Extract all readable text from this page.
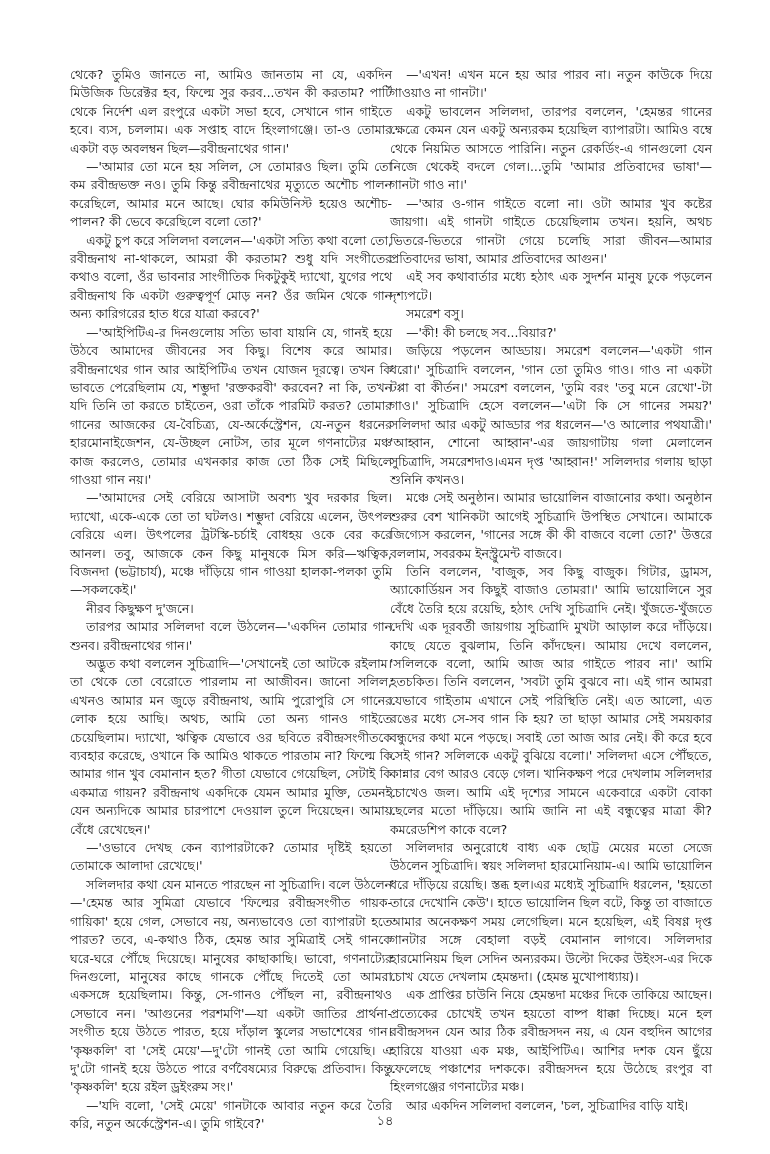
থেকে? তুমিও জানতে না, আমিও জানতাম না যে, একদিন মিউজিক ডিরেক্টর হব, ফিল্মে সুর করব...তখন কী করতাম? পার্টি থেকে নির্দেশ এল রংপুরে একটা সভা হবে, সেখানে গান গাইতে হবে। ব্যস, চললাম। এক সপ্তাহ বাদে হিংলাগঞ্জে। তা-ও তোমার একটা বড় অবলম্বন ছিল—রবীন্দ্রনাথের গান।'

—'আমার তো মনে হয় সলিল, সে তোমারও ছিল। তুমি তো কম রবীন্দ্রভক্ত নও। তুমি কিন্তু রবীন্দ্রনাথের মৃত্যুতে অশৌচ পালন করেছিলে, আমার মনে আছে। ঘোর কমিউনিস্ট হয়েও অশৌচ-পালন? কী ভেবে করেছিলে বলো তো?'

একটু চুপ করে সলিলদা বললেন—'একটা সত্যি কথা বলো তো, রবীন্দ্রনাথ না-থাকলে, আমরা কী করতাম? শুধু যদি সংগীতের কথাও বলো, ওঁর ভাবনার সাংগীতিক দিকটুকুই দ্যাখো, যুগের পথে রবীন্দ্রনাথ কি একটা গুরুত্বপূর্ণ মোড় নন? ওঁর জমিন থেকে গান অন্য কারিগরের হাত ধরে যাত্রা করবে?'

—'আইপিটিএ-র দিনগুলোয় সত্যি ভাবা যায়নি যে, গানই হয়ে উঠবে আমাদের জীবনের সব কিছু। বিশেষ করে আমার। রবীন্দ্রনাথের গান আর আইপিটিএ তখন যোজন দূরত্বে। তখন কি ভাবতে পেরেছিলাম যে, শম্ভুদা 'রক্তকরবী' করবেন? না কি, তখন যদি তিনি তা করতে চাইতেন, ওরা তাঁকে পারমিট করত? তোমার গানের আজকের যে-বৈচিত্র্য, যে-অর্কেস্ট্রেশন, যে-নতুন ধরনের হারমোনাইজেশন, যে-উচ্ছল নোটস, তার মূলে গণনাট্যের মঞ্চ কাজ করলেও, তোমার এখনকার কাজ তো ঠিক সেই মিছিলে গাওয়া গান নয়।'

—'আমাদের সেই বেরিয়ে আসাটা অবশ্য খুব দরকার ছিল। দ্যাখো, একে-একে তো তা ঘটলও। শম্ভুদা বেরিয়ে এলেন, উৎপল বেরিয়ে এল। উৎপলের ট্রটস্কি-চর্চাই বোধহয় ওকে বের করে আনল। তবু, আজকে কেন কিছু মানুষকে মিস করি—ঋত্বিক, বিজনদা (ভট্টাচার্য), মঞ্চে দাঁড়িয়ে গান গাওয়া হালকা-পলকা তুমি—সকলকেই।'

নীরব কিছুক্ষণ দু'জনে।

তারপর আমার সলিলদা বলে উঠলেন—'একদিন তোমার গান শুনব। রবীন্দ্রনাথের গান।'

অদ্ভুত কথা বললেন সুচিত্রাদি—'সেখানেই তো আটকে রইলাম। তা থেকে তো বেরোতে পারলাম না আজীবন। জানো সলিল, এখনও আমার মন জুড়ে রবীন্দ্রনাথ, আমি পুরোপুরি সে গানের লোক হয়ে আছি। অথচ, আমি তো অন্য গানও গাইতে চেয়েছিলাম। দ্যাখো, ঋত্বিক যেভাবে ওর ছবিতে রবীন্দ্রসংগীতকে ব্যবহার করেছে, ওখানে কি আমিও থাকতে পারতাম না? ফিল্মে কি আমার গান খুব বেমানান হত? গীতা যেভাবে গেয়েছিল, সেটাই কি একমাত্র গায়ন? রবীন্দ্রনাথ একদিকে যেমন আমার মুক্তি, তেমনই যেন অন্যদিকে আমার চারপাশে দেওয়াল তুলে দিয়েছেন। আমায় বেঁধে রেখেছেন।'

—'ওভাবে দেখছ কেন ব্যাপারটাকে? তোমার দৃষ্টিই হয়তো তোমাকে আলাদা রেখেছে।'

সলিলদার কথা যেন মানতে পারছেন না সুচিত্রাদি। বলে উঠলেন—'হেমন্ত আর সুমিত্রা যেভাবে 'ফিল্মের রবীন্দ্রসংগীত গায়ক-গায়িকা' হয়ে গেল, সেভাবে নয়, অন্যভাবেও তো ব্যাপারটা হতে পারত? তবে, এ-কথাও ঠিক, হেমন্ত আর সুমিত্রাই সেই গানকে ঘরে-ঘরে পৌঁছে দিয়েছে। মানুষের কাছাকাছি। ভাবো, গণনাট্যের দিনগুলো, মানুষের কাছে গানকে পৌঁছে দিতেই তো আমরা একসঙ্গে হয়েছিলাম। কিন্তু, সে-গানও পৌঁছল না, রবীন্দ্রনাথও সেভাবে নন। 'আগুনের পরশমণি'—যা একটা জাতির প্রার্থনা-সংগীত হয়ে উঠতে পারত, হয়ে দাঁড়াল স্কুলের সভাশেষের গান। 'কৃষ্ণকলি' বা 'সেই মেয়ে'—দু'টো গানই তো আমি গেয়েছি। এ দু'টো গানই হয়ে উঠতে পারে বর্ণবৈষম্যের বিরুদ্ধে প্রতিবাদ। কিন্তু 'কৃষ্ণকলি' হয়ে রইল ড্রইংরুম সং।'

—'যদি বলো, 'সেই মেয়ে' গানটাকে আবার নতুন করে তৈরি করি, নতুন অর্কেস্ট্রেশন-এ। তুমি গাইবে?'

—'এখন! এখন মনে হয় আর পারব না। নতুন কাউকে দিয়ে গাওয়াও না গানটা।'

একটু ভাবলেন সলিলদা, তারপর বললেন, 'হেমন্তর গানের ক্ষেত্রে কেমন যেন একটু অন্যরকম হয়েছিল ব্যাপারটা। আমিও বম্বে থেকে নিয়মিত আসতে পারিনি। নতুন রেকর্ডিং-এ গানগুলো যেন নিজে থেকেই বদলে গেল।...তুমি 'আমার প্রতিবাদের ভাষা'—গানটা গাও না।'

—'আর ও-গান গাইতে বলো না। ওটা আমার খুব কষ্টের জায়গা। এই গানটা গাইতে চেয়েছিলাম তখন। হয়নি, অথচ ভিতরে-ভিতরে গানটা গেয়ে চলেছি সারা জীবন—আমার প্রতিবাদের ভাষা, আমার প্রতিবাদের আগুন।'

এই সব কথাবার্তার মধ্যে হঠাৎ এক সুদর্শন মানুষ ঢুকে পড়লেন দৃশ্যপটে।

সমরেশ বসু।

—'কী! কী চলছে সব...বিয়ার?'

জড়িয়ে পড়লেন আড্ডায়। সমরেশ বললেন—'একটা গান ধরো।' সুচিত্রাদি বললেন, 'গান তো তুমিও গাও। গাও না একটা টপ্পা বা কীর্তন।' সমরেশ বললেন, 'তুমি বরং 'তবু মনে রেখো'-টা গাও।' সুচিত্রাদি হেসে বললেন—'এটা কি সে গানের সময়?' সলিলদা আর একটু আড্ডার পর ধরলেন—'ও আলোর পথযাত্রী।' 'আহ্বান, শোনো আহ্বান'-এর জায়গাটায় গলা মেলালেন সুচিত্রাদি, সমরেশদাও।এমন দৃপ্ত 'আহ্বান!' সলিলদার গলায় ছাড়া শুনিনি কখনও।

মঞ্চে সেই অনুষ্ঠান। আমার ভায়োলিন বাজানোর কথা। অনুষ্ঠান শুরুর বেশ খানিকটা আগেই সুচিত্রাদি উপস্থিত সেখানে। আমাকে জিগ্যেস করলেন, 'গানের সঙ্গে কী কী বাজবে বলো তো?' উত্তরে বললাম, সবরকম ইনস্ট্রুমেন্ট বাজবে।

তিনি বললেন, 'বাজুক, সব কিছু বাজুক। গিটার, ড্রামস, অ্যাকোর্ডিয়ন সব কিছুই বাজাও তোমরা।' আমি ভায়োলিনে সুর বেঁধে তৈরি হয়ে রয়েছি, হঠাৎ দেখি সুচিত্রাদি নেই। খুঁজতে-খুঁজতে দেখি এক দূরবর্তী জায়গায় সুচিত্রাদি মুখটা আড়াল করে দাঁড়িয়ে। কাছে যেতে বুঝলাম, তিনি কাঁদছেন। আমায় দেখে বললেন, 'সলিলকে বলো, আমি আজ আর গাইতে পারব না।' আমি হতচকিত। তিনি বললেন, 'সবটা তুমি বুঝবে না। এই গান আমরা যেভাবে গাইতাম এখানে সেই পরিস্থিতি নেই। এত আলো, এত রঙের মধ্যে সে-সব গান কি হয়? তা ছাড়া আমার সেই সময়কার বন্ধুদের কথা মনে পড়ছে। সবাই তো আজ আর নেই। কী করে হবে সেই গান? সলিলকে একটু বুঝিয়ে বলো।' সলিলদা এসে পৌঁছতে, কান্নার বেগ আরও বেড়ে গেল। খানিকক্ষণ পরে দেখলাম সলিলদার চোখেও জল। আমি এই দৃশ্যের সামনে একেবারে একটা বোকা ছেলের মতো দাঁড়িয়ে। আমি জানি না এই বন্ধুত্বের মাত্রা কী? কমরেডশিপ কাকে বলে?

সলিলদার অনুরোধে বাধ্য এক ছোট্ট মেয়ের মতো সেজে উঠলেন সুচিত্রাদি। স্বয়ং সলিলদা হারমোনিয়াম-এ। আমি ভায়োলিন ধরে দাঁড়িয়ে রয়েছি। স্তব্ধ হল।এর মধ্যেই সুচিত্রাদি ধরলেন, 'হয়তো তারে দেখোনি কেউ'। হাতে ভায়োলিন ছিল বটে, কিন্তু তা বাজাতে আমার অনেকক্ষণ সময় লেগেছিল। মনে হয়েছিল, এই বিষণ্ণ দৃপ্ত গানটার সঙ্গে বেহালা বড়ই বেমানান লাগবে। সলিলদার হারমোনিয়ম ছিল সেদিন অন্যরকম। উল্টো দিকের উইংস-এর দিকে চোখ যেতে দেখলাম হেমন্তদা। (হেমন্ত মুখোপাধ্যায়)।

এক প্রাপ্তির চাউনি নিয়ে হেমন্তদা মঞ্চের দিকে তাকিয়ে আছেন। প্রত্যেকের চোখেই তখন হয়তো বাষ্প ধাক্কা দিচ্ছে। মনে হল রবীন্দ্রসদন যেন আর ঠিক রবীন্দ্রসদন নয়, এ যেন বহুদিন আগের হারিয়ে যাওয়া এক মঞ্চ, আইপিটিএ। আশির দশক যেন ছুঁয়ে ফেলেছে পঞ্চাশের দশককে। রবীন্দ্রসদন হয়ে উঠেছে রংপুর বা হিংলগঞ্জের গণনাট্যের মঞ্চ।

আর একদিন সলিলদা বললেন, 'চল, সুচিত্রাদির বাড়ি যাই।

১৪
